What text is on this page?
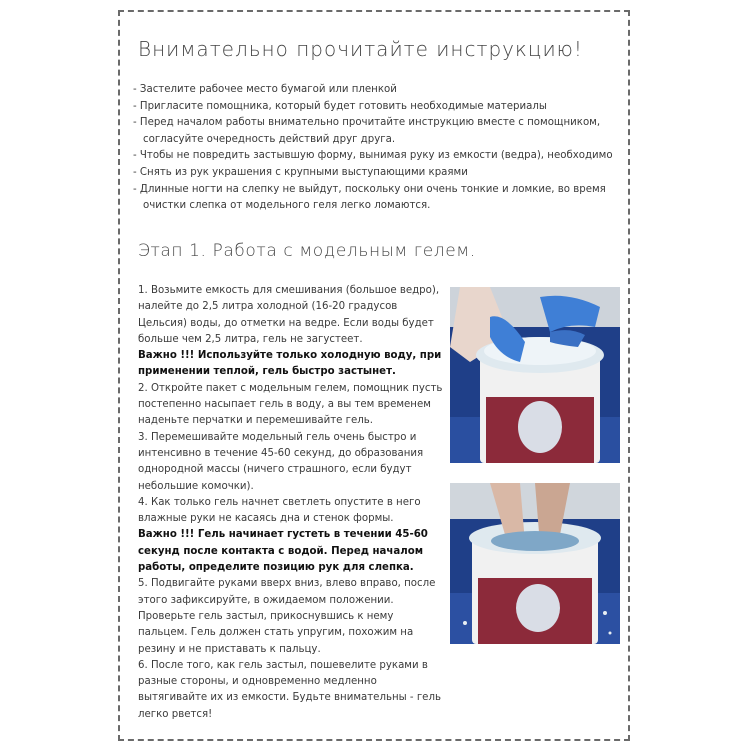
Внимательно прочитайте инструкцию!
- Застелите рабочее место бумагой или пленкой
- Пригласите помощника, который будет готовить необходимые материалы
- Перед началом работы внимательно прочитайте инструкцию вместе с помощником,
согласуйте очередность действий друг друга.
- Чтобы не повредить застывшую форму, вынимая руку из емкости (ведра), необходимо
- Снять из рук украшения с крупными выступающими краями
- Длинные ногти на слепку не выйдут, поскольку они очень тонкие и ломкие, во время
очистки слепка от модельного геля легко ломаются.
Этап 1. Работа с модельным гелем.

1. Возьмите емкость для смешивания (большое ведро), налейте до 2,5 литра холодной (16-20 градусов Цельсия) воды, до отметки на ведре. Если воды будет больше чем 2,5 литра, гель не загустеет.

Важно !!! Используйте только холодную воду, при применении теплой, гель быстро застынет.

2. Откройте пакет с модельным гелем, помощник пусть постепенно насыпает гель в воду, а вы тем временем наденьте перчатки и перемешивайте гель.

3. Перемешивайте модельный гель очень быстро и интенсивно в течение 45-60 секунд, до образования однородной массы (ничего страшного, если будут небольшие комочки).

4. Как только гель начнет светлеть опустите в него влажные руки не касаясь дна и стенок формы.

Важно !!! Гель начинает густеть в течении 45-60 секунд после контакта с водой. Перед началом работы, определите позицию рук для слепка.

5. Подвигайте руками вверх вниз, влево вправо, после этого зафиксируйте, в ожидаемом положении. Проверьте гель застыл, прикоснувшись к нему пальцем. Гель должен стать упругим, похожим на резину и не приставать к пальцу.

6. После того, как гель застыл, пошевелите руками в разные стороны, и одновременно медленно вытягивайте их из емкости. Будьте внимательны - гель легко рвется!
